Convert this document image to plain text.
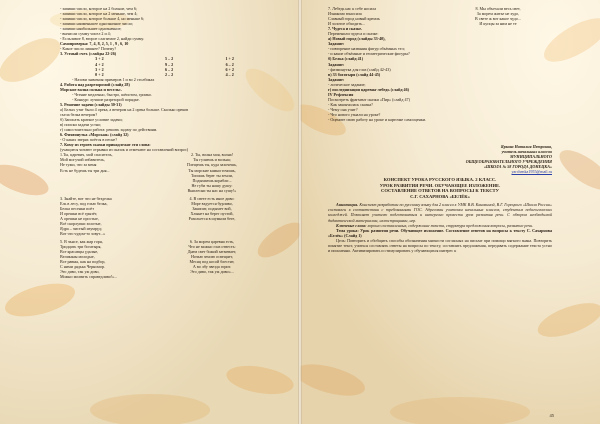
- запиши число, которое на 2 больше, чем 6;
- запиши число, которое на 2 меньше, чем 4;
- запиши число, которое больше 4, но меньше 6;
- запиши наименьшее однозначное число;
- запиши наибольшее однозначное;
- вычисли сумму чисел 2 и 4;
- Есльливое 8, второе слагаемое 2, найди сумму.
Самопроверка: 7, 4, 8, 2, 5, 1 , 9 , 6, 10
- Какое число лишнее? Почему?
3. Устный счет. (слайды 22-26)
3 + 2	5 – 2	1 + 2
4 + 2	9 – 2	6 – 2
3 + 2	6 – 2	6 + 2
0 + 2	2 – 2	4 – 2
- Назови значения примеров 1 и во 2 столбиках
4. Работа над разрезоромой (слайд 28)
Морские волна сильна и весельс.
- Чтение медленно, быстро, шёпотом, громко.
- Конкурс лучшие разрезорой порядке.
5. Решение задачи (слайды 30-31)
а) Белых утят было 4 орека, а вечером на 2 орека больше. Сколько ореков
съела белка вечером?
б) Записать краткое условие задачи;
в) поиски задачи устно;
г) самостоятельно работа: решить задачу по действиям.
6. Физминутка «Морская» (слайд 32)
- О каких зверях поётся в песне?
7. Кому из героев сказки принадлежат эти слова:
(учащиеся читают отрывки из сказок и отмечают на составлений вопрос)
1.Ты, царевич, мой спаситель,
Мой могучий избавитель,
Не тужи, что за меня
Есть не будешь ты три дня...
2. Ты, волна моя, волна!
Ты гуляешь и вольна;
Плещешь ты, куда захочешь,
Ты морские камни точишь,
Топишь берег ты земли,
Подымаешь корабли –
Не губи ты нашу душу:
Выплесни ты нас на сушу!»
3. Знайте, вот что не безделка
Ель в лесу, под елью белка,
Белка песенки поёт
И орешки всё грызёт,
А орешки не простые,
Всё скорлупки золотые,
Ядра – чистый изумруд;
Вот что чудом-то зовут...»
4. В свете есть иное диво:
Море вздуется бурливо,
Закипит, подымет вой,
Хлынет на берег пустой,
Разольется в шумном беге,
5. В чьнсе, как жар горя,
Тридцать три богатыря,
Все красавцы удалые,
Великаны молодые,
Все равны, как на подбор,
С ними дядька Черномор.
Это диво, так уж диво,
Можно молвить справедливо!»...
6. За морем царевна есть,
Что не можно глаз отвесть:
Днем свет божий затмевает,
Ночью землю освещает,
Месяц под косой блестит,
А во лбу звезда горит.
Это диво, так уж диво»...
7. Лебедь нас к себе носила
Изнакомо взносила
Славный город новый кремль
И золотое обходить...
8. Мы объехали весь свет,
За морем житье не худо,
В свете ж вот какое чудо...
И купцы за ним не те
7. Чудеса и сказке.
Переменили чудеса и сказке:
а) Новый город (слайды 33-40),
Задание:
- повторение названия фигур обьёмных тел;
- и какие объёмные и геометрические фигуры?
б) Белка (слайд 41)
Задание:
- физминутка для глаз (слайд 42-43)
в) 33 богатыря (слайд 44-45)
Задание:
- логическое задание;
г) последнизация царевна-лебедь (слайд 46)
IV Рефлексия
Посмотреть фрагмент сказки «Пир» (слайд 47)
- Как закончилась сказка?
- Чему она учит?
- Что нового узнали на уроке?
- Оцените свою работу на уроке и карточке самооценки.
Яркова Наталия Петровна,
учитель начальных классов
МУНИЦИПАЛЬНОГО
ОБЩЕОБРАЗОВАТЕЛЬНОГО УЧРЕЖДЕНИЯ
«ШКОЛА № 58 ГОРОДА ДОНЕЦКА»
yarchenka1955@mail.ru
КОНСПЕКТ УРОКА РУССКОГО ЯЗЫКА. 2 КЛАСС.
УРОК РАЗВИТИЯ РЕЧИ. ОБУЧАЮЩЕЕ ИЗЛОЖЕНИЕ.
СОСТАВЛЕНИЕ ОТВЕТОВ НА ВОПРОСЫ К ТЕКСТУ
С.Г. САХАРНОВА «БЕЛЁК»
Аннотация. Конспект разработан по русскому языку для 2 класса к УМК В.В. Канакиной, В.Г. Горецкого «Школа России» составлен в соответствии с требованиями ГОС. Адресован учителям начальных классов, студентам педагогических колледжей. Позволяет учителю подготовиться и интересно провести урок развития речи. С обзором необходимой дидактической материалом, иллюстрациями, игр.
Ключевые слова: хорошо составленных, содержание текста, структура предложения вопросы, развитие речи.
Тема урока: Урок развития речи. Обучающее изложение. Составление ответов на вопросы к тексту С. Сахарнова «Белёк» (Слайд 1)
Цель: Повторить и обобщить способы обозначения мягкости согласных на письме при помощи мягкого знака. Повторить понятие текст, учиться составлять ответы на вопросы по тексту, составлять предложения, передавать содержание текста устно и письменно. Активизировать и стимулировать у обучающихся интерес к
45
